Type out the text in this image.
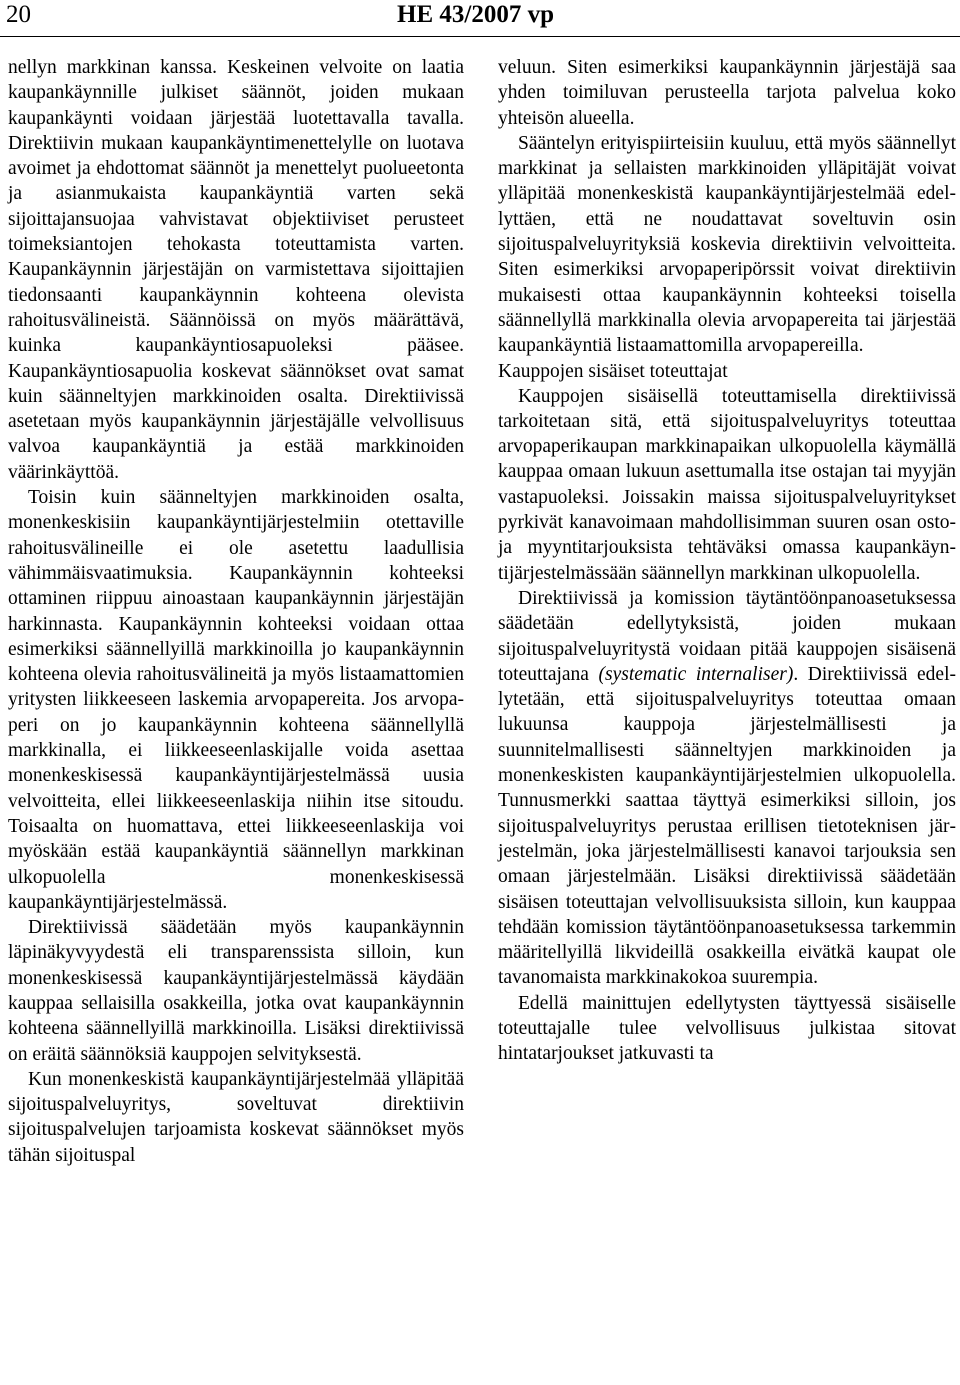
20	HE 43/2007 vp

nellyn markkinan kanssa. Keskeinen velvoite on laatia kaupankäynnille julkiset säännöt, joiden mukaan kaupankäynti voidaan järjestää luotettavalla tavalla. Direktiivin mukaan kaupankäyntimenettelylle on luotava avoimet ja ehdottomat säännöt ja menettelyt puolueetonta ja asianmukaista kaupankäyntiä varten sekä sijoittajansuojaa vahvistavat objektiiviset perusteet toimeksiantojen tehokasta toteuttamista varten. Kaupankäynnin järjestäjän on varmistettava sijoittajien tiedonsaanti kaupankäynnin kohteena olevista rahoitusvälineistä. Säännöissä on myös määrättävä, kuinka kaupankäyntiosapuoleksi pääsee. Kaupankäyntiosapuolia koskevat säännökset ovat samat kuin säänneltyjen markkinoiden osalta. Direktiivissä asetetaan myös kaupankäynnin järjestäjälle velvollisuus valvoa kaupankäyntiä ja estää markkinoiden väärinkäyttöä.

Toisin kuin säänneltyjen markkinoiden osalta, monenkeskisiin kaupankäyntijärjestelmiin otettaville rahoitusvälineille ei ole asetettu laadullisia vähimmäisvaatimuksia. Kaupankäynnin kohteeksi ottaminen riippuu ainoastaan kaupankäynnin järjestäjän harkinnasta. Kaupankäynnin kohteeksi voidaan ottaa esimerkiksi säännellyillä markkinoilla jo kaupankäynnin kohteena olevia rahoitusvälineitä ja myös listaamattomien yritysten liikkeeseen laskemia arvopapereita. Jos arvopaperi on jo kaupankäynnin kohteena säännellyllä markkinalla, ei liikkeeseenlaskijalle voida asettaa monenkeskisessä kaupankäyntijärjestelmässä uusia velvoitteita, ellei liikkeeseenlaskija niihin itse sitoudu. Toisaalta on huomattava, ettei liikkeeseenlaskija voi myöskään estää kaupankäyntiä säännellyn markkinan ulkopuolella monenkeskisessä kaupankäyntijärjestelmässä.

Direktiivissä säädetään myös kaupankäynnin läpinäkyvyydestä eli transparenssista silloin, kun monenkeskisessä kaupankäyntijärjestelmässä käydään kauppaa sellaisilla osakkeilla, jotka ovat kaupankäynnin kohteena säännellyillä markkinoilla. Lisäksi direktiivissä on eräitä säännöksiä kauppojen selvityksestä.

Kun monenkeskistä kaupankäyntijärjestelmää ylläpitää sijoituspalveluyritys, soveltuvat direktiivin sijoituspalvelujen tarjoamista koskevat säännökset myös tähän sijoituspal

veluun. Siten esimerkiksi kaupankäynnin järjestäjä saa yhden toimiluvan perusteella tarjota palvelua koko yhteisön alueella.

Sääntelyn erityispiirteisiin kuuluu, että myös säännellyt markkinat ja sellaisten markkinoiden ylläpitäjät voivat ylläpitää monenkeskistä kaupankäyntijärjestelmää edellyttäen, että ne noudattavat soveltuvin osin sijoituspalveluyrityksiä koskevia direktiivin velvoitteita. Siten esimerkiksi arvopaperipörssit voivat direktiivin mukaisesti ottaa kaupankäynnin kohteeksi toisella säännellyllä markkinalla olevia arvopapereita tai järjestää kaupankäyntiä listaamattomilla arvopapereilla.

Kauppojen sisäiset toteuttajat

Kauppojen sisäisellä toteuttamisella direktiivissä tarkoitetaan sitä, että sijoituspalveluyritys toteuttaa arvopaperikaupan markkinapaikan ulkopuolella käymällä kauppaa omaan lukuun asettumalla itse ostajan tai myyjän vastapuoleksi. Joissakin maissa sijoituspalveluyritykset pyrkivät kanavoimaan mahdollisimman suuren osan osto- ja myyntitarjouksista tehtäväksi omassa kaupankäyntijärjestelmässään säännellyn markkinan ulkopuolella.

Direktiivissä ja komission täytäntöönpanoasetuksessa säädetään edellytyksistä, joiden mukaan sijoituspalveluyritystä voidaan pitää kauppojen sisäisenä toteuttajana (systematic internaliser). Direktiivissä edellytetään, että sijoituspalveluyritys toteuttaa omaan lukuunsa kauppoja järjestelmällisesti ja suunnitelmallisesti säänneltyjen markkinoiden ja monenkeskisten kaupankäyntijärjestelmien ulkopuolella. Tunnusmerkki saattaa täyttyä esimerkiksi silloin, jos sijoituspalveluyritys perustaa erillisen tietoteknisen järjestelmän, joka järjestelmällisesti kanavoi tarjouksia sen omaan järjestelmään. Lisäksi direktiivissä säädetään sisäisen toteuttajan velvollisuuksista silloin, kun kauppaa tehdään komission täytäntöönpanoasetuksessa tarkemmin määritellyillä likvideillä osakkeilla eivätkä kaupat ole tavanomaista markkinakokoa suurempia.

Edellä mainittujen edellytysten täyttyessä sisäiselle toteuttajalle tulee velvollisuus julkistaa sitovat hintatarjoukset jatkuvasti ta
